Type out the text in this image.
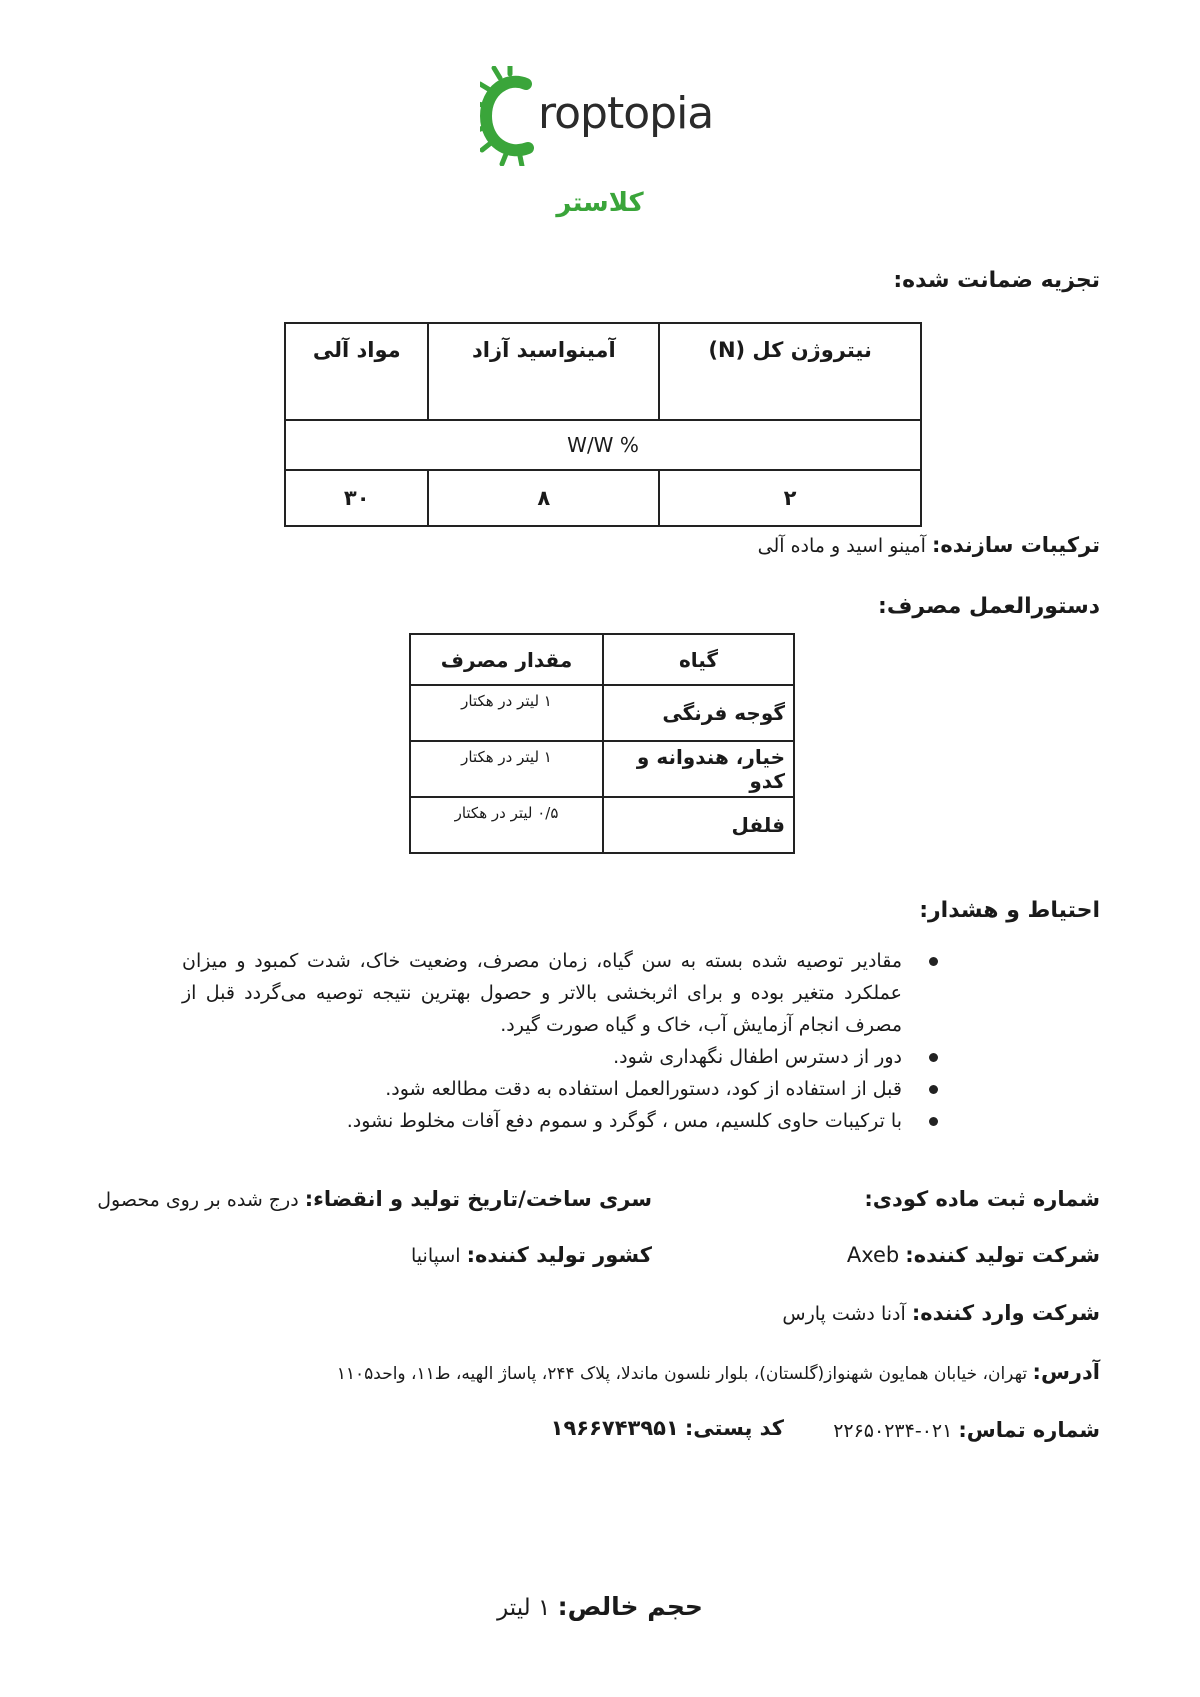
roptopia
کلاستر
تجزیه ضمانت شده:
نیتروژن کل (N)	آمینواسید آزاد	مواد آلی
W/W %		
۲	۸	۳۰
ترکیبات سازنده: آمینو اسید و ماده آلی
دستورالعمل مصرف:
گیاه	مقدار مصرف
گوجه فرنگی	۱ لیتر در هکتار
خیار، هندوانه و کدو	۱ لیتر در هکتار
فلفل	۰/۵ لیتر در هکتار
احتیاط و هشدار:
مقادیر توصیه شده بسته به سن گیاه، زمان مصرف، وضعیت خاک، شدت کمبود و میزان عملکرد متغیر بوده و برای اثربخشی بالاتر و حصول بهترین نتیجه توصیه می‌گردد قبل از مصرف انجام آزمایش آب، خاک و گیاه صورت گیرد.
دور از دسترس اطفال نگهداری شود.
قبل از استفاده از کود، دستورالعمل استفاده به دقت مطالعه شود.
با ترکیبات حاوی کلسیم، مس ، گوگرد و سموم دفع آفات مخلوط نشود.
شماره ثبت ماده کودی:
سری ساخت/تاریخ تولید و انقضاء: درج شده بر روی محصول
شرکت تولید کننده: Axeb
کشور تولید کننده: اسپانیا
شرکت وارد کننده: آدنا دشت پارس
آدرس: تهران، خیابان همایون شهنواز(گلستان)، بلوار نلسون ماندلا، پلاک ۲۴۴، پاساژ الهیه، ط۱۱، واحد۱۱۰۵
شماره تماس: ۰۲۱-۲۲۶۵۰۲۳۴
کد پستی: ۱۹۶۶۷۴۳۹۵۱
حجم خالص: ۱ لیتر
